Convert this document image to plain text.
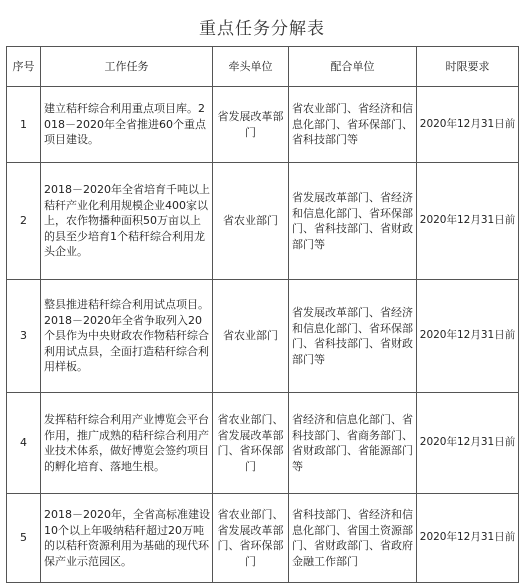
重点任务分解表
序号	工作任务	牵头单位	配合单位	时限要求
1	建立秸秆综合利用重点项目库。2018－2020年全省推进60个重点项目建设。	省发展改革部门	省农业部门、省经济和信息化部门、省环保部门、省科技部门等	2020年12月31日前
2	2018－2020年全省培育千吨以上秸秆产业化利用规模企业400家以上，农作物播种面积50万亩以上的县至少培育1个秸秆综合利用龙头企业。	省农业部门	省发展改革部门、省经济和信息化部门、省环保部门、省科技部门、省财政部门等	2020年12月31日前
3	整县推进秸秆综合利用试点项目。2018－2020年全省争取列入20个县作为中央财政农作物秸秆综合利用试点县，全面打造秸秆综合利用样板。	省农业部门	省发展改革部门、省经济和信息化部门、省环保部门、省科技部门、省财政部门等	2020年12月31日前
4	发挥秸秆综合利用产业博览会平台作用，推广成熟的秸秆综合利用产业技术体系，做好博览会签约项目的孵化培育、落地生根。	省农业部门、省发展改革部门、省环保部门	省经济和信息化部门、省科技部门、省商务部门、省财政部门、省能源部门等	2020年12月31日前
5	2018－2020年，全省高标准建设10个以上年吸纳秸秆超过20万吨的以秸秆资源利用为基础的现代环保产业示范园区。	省农业部门、省发展改革部门、省环保部门	省科技部门、省经济和信息化部门、省国土资源部门、省财政部门、省政府金融工作部门	2020年12月31日前
